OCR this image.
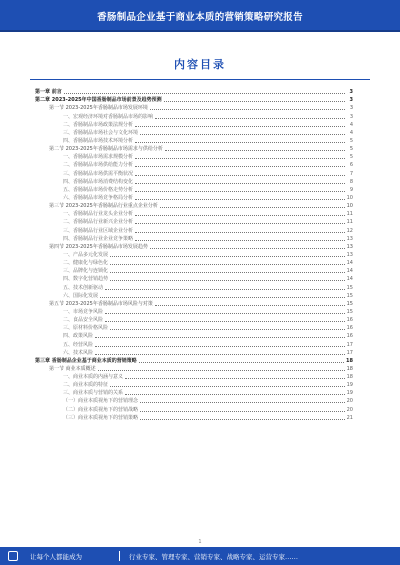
香肠制品企业基于商业本质的营销策略研究报告
内容目录
第一章 前言	3
第二章 2023-2025年中国香肠制品市场前景及趋势预测	3
第一节 2023-2025年香肠制品市场发展环境	3
一、宏观经济环境对香肠制品市场的影响	3
二、香肠制品市场政策法规分析	4
三、香肠制品市场社会与文化环境	4
四、香肠制品市场技术环境分析	5
第二节 2023-2025年香肠制品市场需求与供给分析	5
一、香肠制品市场需求规模分析	5
二、香肠制品市场供给能力分析	6
三、香肠制品市场供需平衡状况	7
四、香肠制品市场消费结构变化	8
五、香肠制品市场价格走势分析	9
六、香肠制品市场竞争格局分析	10
第三节 2023-2025年香肠制品行业重点企业分析	10
一、香肠制品行业龙头企业分析	11
二、香肠制品行业新兴企业分析	11
三、香肠制品行业区域企业分析	12
四、香肠制品行业企业竞争策略	13
第四节 2023-2025年香肠制品市场发展趋势	13
一、产品多元化发展	13
二、健康化与绿色化	14
三、品牌化与连锁化	14
四、数字化营销趋势	14
五、技术创新驱动	15
六、国际化发展	15
第五节 2023-2025年香肠制品市场风险与对策	15
一、市场竞争风险	15
二、食品安全风险	16
三、原材料价格风险	16
四、政策风险	16
五、经营风险	17
六、技术风险	17
第三章 香肠制品企业基于商业本质的营销策略	18
第一节 商业本质概述	18
一、商业本质的内涵与意义	18
二、商业本质的特征	19
三、商业本质与营销的关系	19
（一）商业本质视角下的营销理念	20
（二）商业本质视角下的营销战略	20
（三）商业本质视角下的营销策略	21
1
让每个人都能成为	行业专家、管理专家、营销专家、战略专家、运营专家……
